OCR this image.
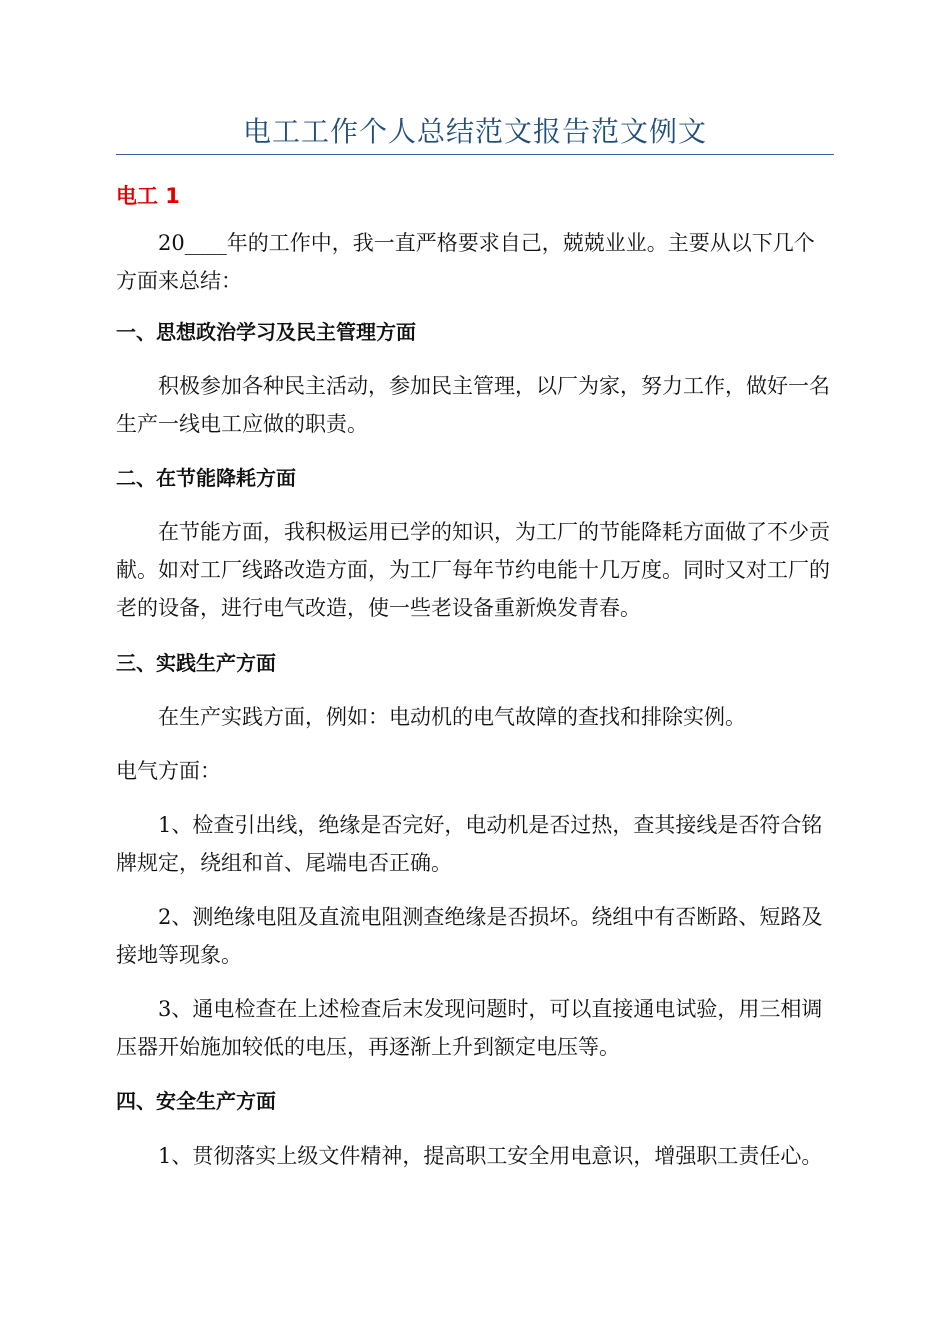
电工工作个人总结范文报告范文例文

电工 1

20____年的工作中，我一直严格要求自己，兢兢业业。主要从以下几个方面来总结：

一、思想政治学习及民主管理方面

积极参加各种民主活动，参加民主管理，以厂为家，努力工作，做好一名生产一线电工应做的职责。

二、在节能降耗方面

在节能方面，我积极运用已学的知识，为工厂的节能降耗方面做了不少贡献。如对工厂线路改造方面，为工厂每年节约电能十几万度。同时又对工厂的老的设备，进行电气改造，使一些老设备重新焕发青春。

三、实践生产方面

在生产实践方面，例如：电动机的电气故障的查找和排除实例。

电气方面：

1、检查引出线，绝缘是否完好，电动机是否过热，查其接线是否符合铭牌规定，绕组和首、尾端电否正确。

2、测绝缘电阻及直流电阻测查绝缘是否损坏。绕组中有否断路、短路及接地等现象。

3、通电检查在上述检查后末发现问题时，可以直接通电试验，用三相调压器开始施加较低的电压，再逐渐上升到额定电压等。

四、安全生产方面

1、贯彻落实上级文件精神，提高职工安全用电意识，增强职工责任心。
